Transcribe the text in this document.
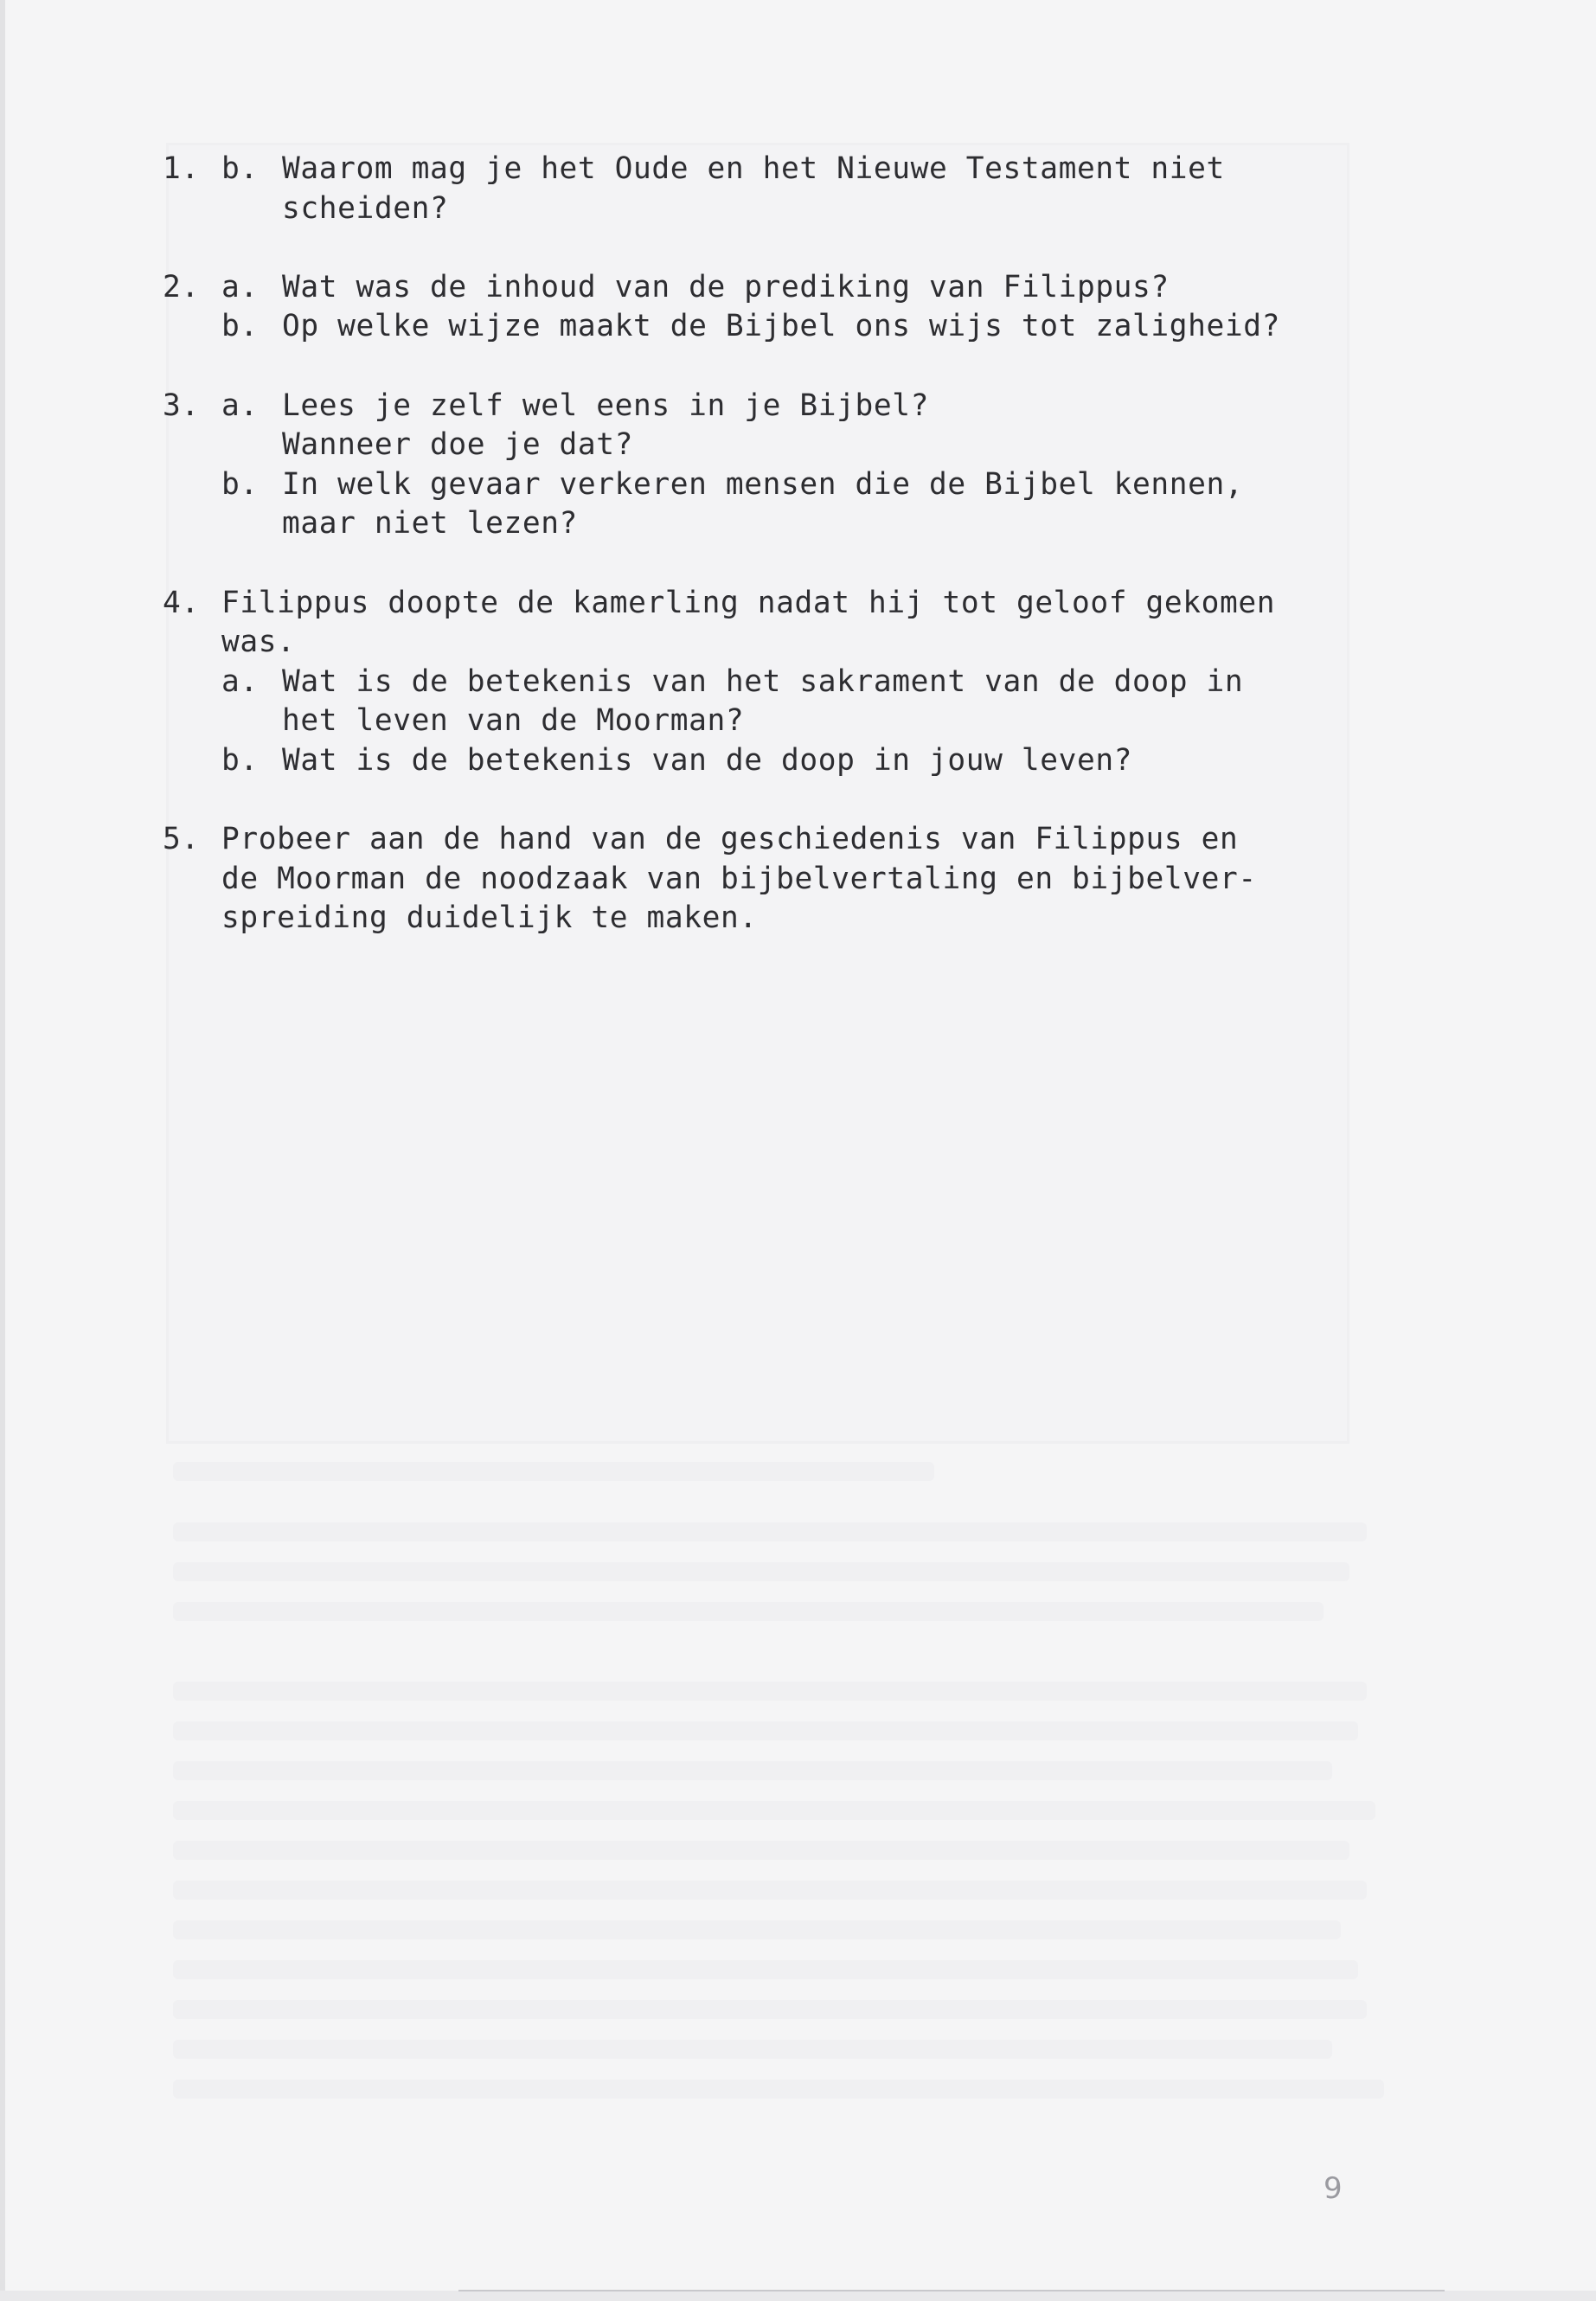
1. b. Waarom mag je het Oude en het Nieuwe Testament niet
scheiden?
2. a. Wat was de inhoud van de prediking van Filippus?
b. Op welke wijze maakt de Bijbel ons wijs tot zaligheid?
3. a. Lees je zelf wel eens in je Bijbel?
Wanneer doe je dat?
b. In welk gevaar verkeren mensen die de Bijbel kennen,
maar niet lezen?
4. Filippus doopte de kamerling nadat hij tot geloof gekomen
was.
a. Wat is de betekenis van het sakrament van de doop in
het leven van de Moorman?
b. Wat is de betekenis van de doop in jouw leven?
5. Probeer aan de hand van de geschiedenis van Filippus en
de Moorman de noodzaak van bijbelvertaling en bijbelver-
spreiding duidelijk te maken.
9
